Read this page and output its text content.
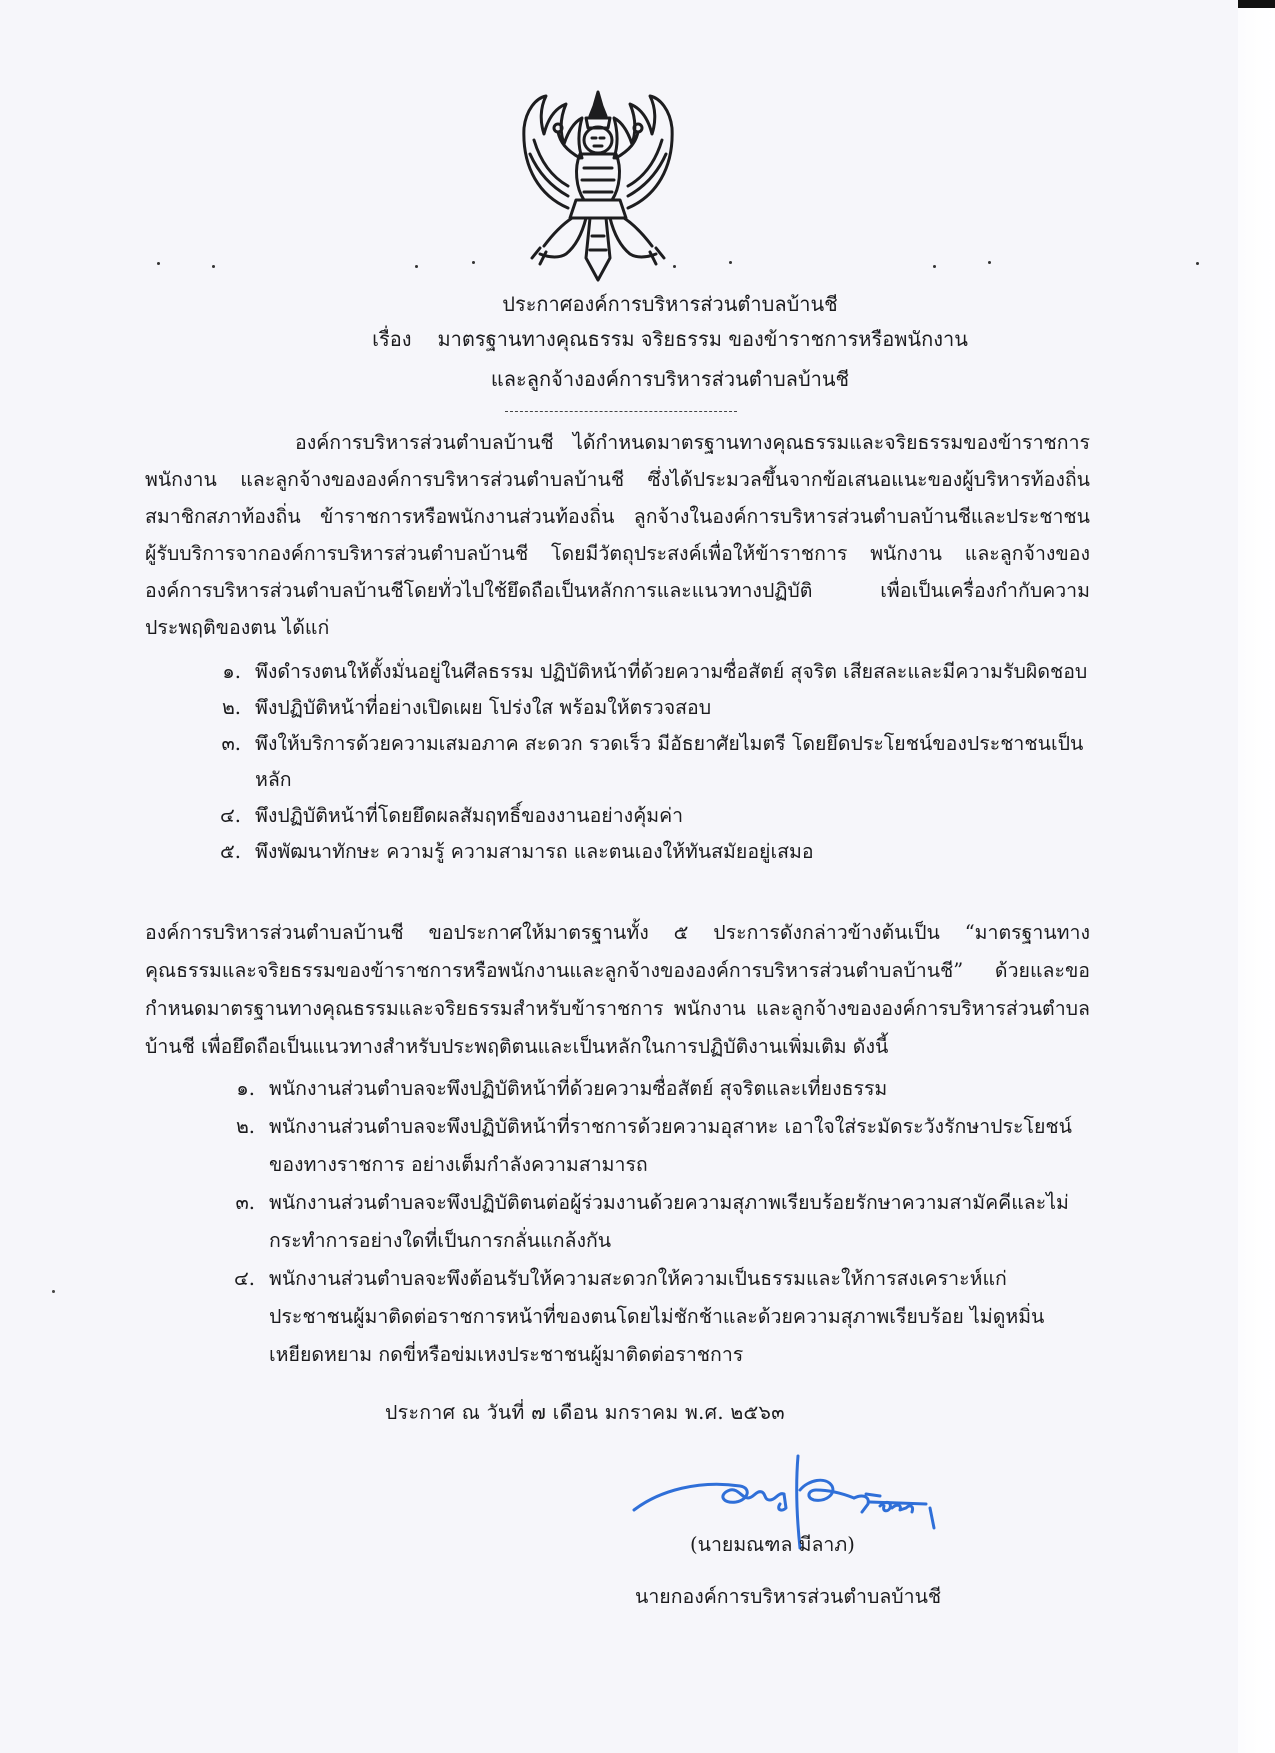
ประกาศองค์การบริหารส่วนตำบลบ้านชี
เรื่อง มาตรฐานทางคุณธรรม จริยธรรม ของข้าราชการหรือพนักงาน
และลูกจ้างองค์การบริหารส่วนตำบลบ้านชี
องค์การบริหารส่วนตำบลบ้านชี ได้กำหนดมาตรฐานทางคุณธรรมและจริยธรรมของข้าราชการ พนักงาน และลูกจ้างขององค์การบริหารส่วนตำบลบ้านชี ซึ่งได้ประมวลขึ้นจากข้อเสนอแนะของผู้บริหารท้องถิ่น สมาชิกสภาท้องถิ่น ข้าราชการหรือพนักงานส่วนท้องถิ่น ลูกจ้างในองค์การบริหารส่วนตำบลบ้านชีและประชาชนผู้รับบริการจากองค์การบริหารส่วนตำบลบ้านชี โดยมีวัตถุประสงค์เพื่อให้ข้าราชการ พนักงาน และลูกจ้างขององค์การบริหารส่วนตำบลบ้านชีโดยทั่วไปใช้ยึดถือเป็นหลักการและแนวทางปฏิบัติ เพื่อเป็นเครื่องกำกับความประพฤติของตน ได้แก่
๑. พึงดำรงตนให้ตั้งมั่นอยู่ในศีลธรรม ปฏิบัติหน้าที่ด้วยความซื่อสัตย์ สุจริต เสียสละและมีความรับผิดชอบ
๒. พึงปฏิบัติหน้าที่อย่างเปิดเผย โปร่งใส พร้อมให้ตรวจสอบ
๓. พึงให้บริการด้วยความเสมอภาค สะดวก รวดเร็ว มีอัธยาศัยไมตรี โดยยึดประโยชน์ของประชาชนเป็นหลัก
๔. พึงปฏิบัติหน้าที่โดยยึดผลสัมฤทธิ์ของงานอย่างคุ้มค่า
๕. พึงพัฒนาทักษะ ความรู้ ความสามารถ และตนเองให้ทันสมัยอยู่เสมอ
องค์การบริหารส่วนตำบลบ้านชี ขอประกาศให้มาตรฐานทั้ง ๕ ประการดังกล่าวข้างต้นเป็น “มาตรฐานทางคุณธรรมและจริยธรรมของข้าราชการหรือพนักงานและลูกจ้างขององค์การบริหารส่วนตำบลบ้านชี” ด้วยและขอกำหนดมาตรฐานทางคุณธรรมและจริยธรรมสำหรับข้าราชการ พนักงาน และลูกจ้างขององค์การบริหารส่วนตำบลบ้านชี เพื่อยึดถือเป็นแนวทางสำหรับประพฤติตนและเป็นหลักในการปฏิบัติงานเพิ่มเติม ดังนี้
๑. พนักงานส่วนตำบลจะพึงปฏิบัติหน้าที่ด้วยความซื่อสัตย์ สุจริตและเที่ยงธรรม
๒. พนักงานส่วนตำบลจะพึงปฏิบัติหน้าที่ราชการด้วยความอุสาหะ เอาใจใส่ระมัดระวังรักษาประโยชน์ของทางราชการ อย่างเต็มกำลังความสามารถ
๓. พนักงานส่วนตำบลจะพึงปฏิบัติตนต่อผู้ร่วมงานด้วยความสุภาพเรียบร้อยรักษาความสามัคคีและไม่กระทำการอย่างใดที่เป็นการกลั่นแกล้งกัน
๔. พนักงานส่วนตำบลจะพึงต้อนรับให้ความสะดวกให้ความเป็นธรรมและให้การสงเคราะห์แก่ประชาชนผู้มาติดต่อราชการหน้าที่ของตนโดยไม่ชักช้าและด้วยความสุภาพเรียบร้อย ไม่ดูหมิ่นเหยียดหยาม กดขี่หรือข่มเหงประชาชนผู้มาติดต่อราชการ
ประกาศ ณ วันที่ ๗ เดือน มกราคม พ.ศ. ๒๕๖๓
(นายมณฑล มีลาภ)
นายกองค์การบริหารส่วนตำบลบ้านชี
